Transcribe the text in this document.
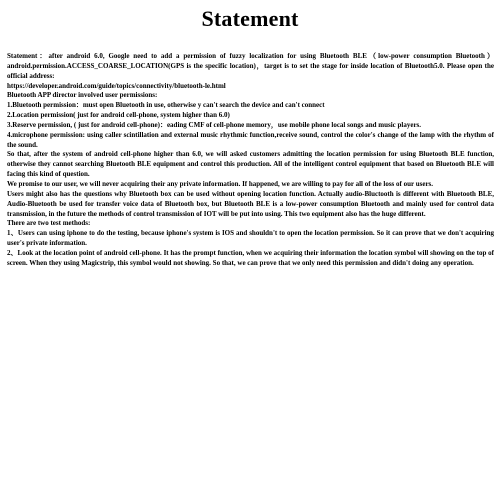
Statement

Statement：after android 6.0, Google need to add a permission of fuzzy localization for using Bluetooth BLE（low-power consumption Bluetooth） android.permission.ACCESS_COARSE_LOCATION(GPS is the specific location)，target is to set the stage for inside location of Bluetooth5.0. Please open the official address:

https://developer.android.com/guide/topics/connectivity/bluetooth-le.html

Bluetooth APP director involved user permissions:

1.Bluetooth permission：must open Bluetooth in use, otherwise y can't search the device and can't connect

2.Location permission( just for android cell-phone, system higher than 6.0)

3.Reserve permission, ( just for android cell-phone)：eading CMF of cell-phone memory，use mobile phone local songs and music players.

4.microphone permission: using caller scintillation and external music rhythmic function,receive sound, control the color's change of the lamp with the rhythm of the sound.

So that, after the system of android cell-phone higher than 6.0, we will asked customers admitting the location permission for using Bluetooth BLE function, otherwise they cannot searching Bluetooth BLE equipment and control this production. All of the intelligent control equipment that based on Bluetooth BLE will facing this kind of question.

We promise to our user, we will never acquiring their any private information. If happened, we are willing to pay for all of the loss of our users.

Users might also has the questions why Bluetooth box can be used without opening location function. Actually audio-Bluctooth is different with Bluetooth BLE, Audio-Bluetooth be used for transfer voice data of Bluetooth box, but Bluetooth BLE is a low-power consumption Bluetooth and mainly used for control data transmission, in the future the methods of control transmission of IOT will be put into using. This two equipment also has the huge different.

There are two test methods:

1、Users can using iphone to do the testing, because iphone's system is IOS and shouldn't to open the location permission. So it can prove that we don't acquiring user's private information.

2、Look at the location point of android cell-phone. It has the prompt function, when we acquiring their information the location symbol will showing on the top of screen. When they using Magicstrip, this symbol would not showing. So that, we can prove that we only need this permission and didn't doing any operation.
